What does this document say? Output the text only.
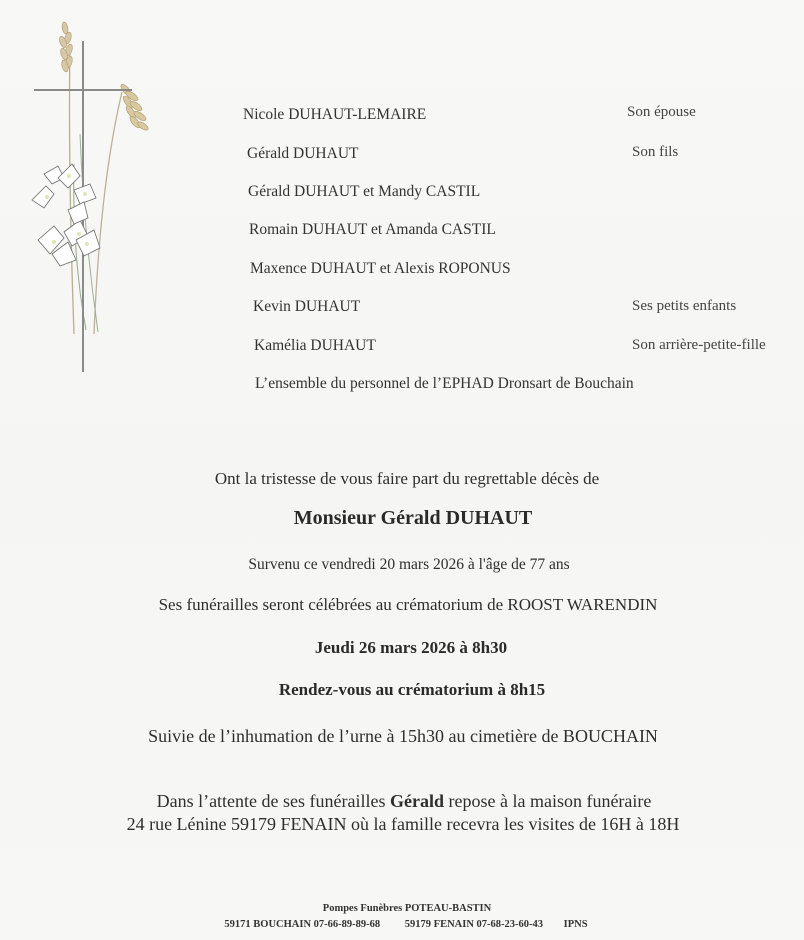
Nicole DUHAUT-LEMAIRE	Son épouse
Gérald DUHAUT	Son fils
Gérald DUHAUT et Mandy CASTIL
Romain DUHAUT et Amanda CASTIL
Maxence DUHAUT et Alexis ROPONUS
Kevin DUHAUT	Ses petits enfants
Kamélia DUHAUT	Son arrière-petite-fille
L’ensemble du personnel de l’EPHAD Dronsart de Bouchain
Ont la tristesse de vous faire part du regrettable décès de
Monsieur Gérald DUHAUT
Survenu ce vendredi 20 mars 2026 à l'âge de 77 ans
Ses funérailles seront célébrées au crématorium de ROOST WARENDIN
Jeudi 26 mars 2026 à 8h30
Rendez-vous au crématorium à 8h15
Suivie de l’inhumation de l’urne à 15h30 au cimetière de BOUCHAIN
Dans l’attente de ses funérailles Gérald repose à la maison funéraire
24 rue Lénine 59179 FENAIN où la famille recevra les visites de 16H à 18H
Pompes Funèbres POTEAU-BASTIN
59171 BOUCHAIN 07-66-89-89-68 59179 FENAIN 07-68-23-60-43 IPNS
